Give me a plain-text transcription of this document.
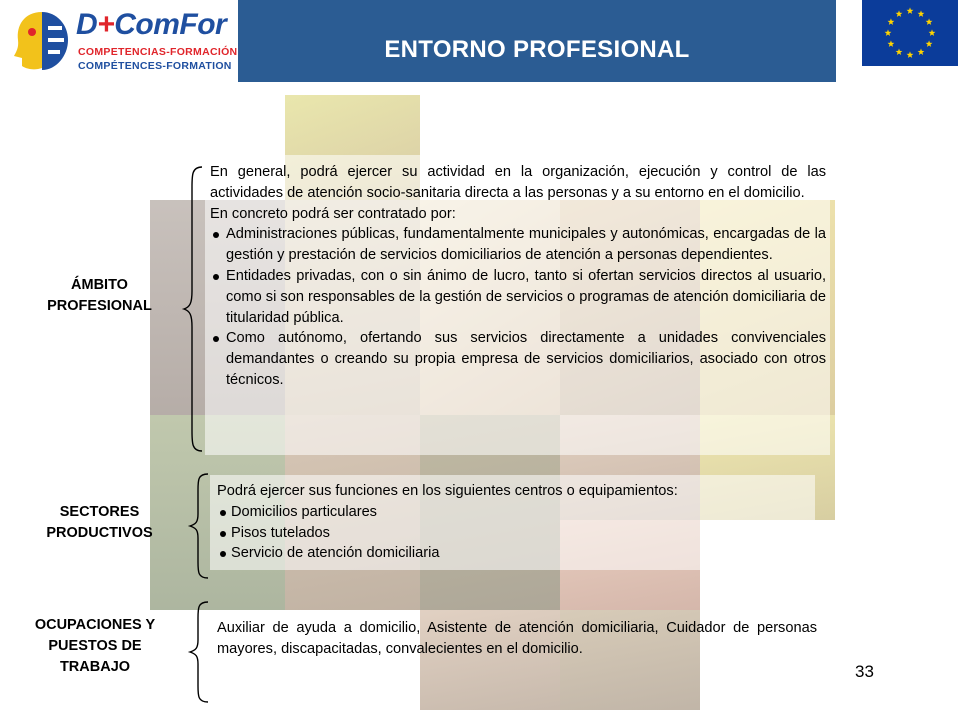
D+ComFor
COMPETENCIAS-FORMACIÓN
COMPÉTENCES-FORMATION
ENTORNO PROFESIONAL
ÁMBITO
PROFESIONAL

En general, podrá ejercer su actividad en la organización, ejecución y control de las actividades de atención socio-sanitaria directa a las personas y a su entorno en el domicilio.

En concreto podrá ser contratado por:

Administraciones públicas, fundamentalmente municipales y autonómicas, encargadas de la gestión y prestación de servicios domiciliarios de atención a personas dependientes.

Entidades privadas, con o sin ánimo de lucro, tanto si ofertan servicios directos al usuario, como si son responsables de la gestión de servicios o programas de atención domiciliaria de titularidad pública.

Como autónomo, ofertando sus servicios directamente a unidades convivenciales demandantes o creando su propia empresa de servicios domiciliarios, asociado con otros técnicos.

SECTORES
PRODUCTIVOS

Podrá ejercer sus funciones en los siguientes centros o equipamientos:

Domicilios particulares

Pisos tutelados

Servicio de atención domiciliaria

OCUPACIONES Y
PUESTOS DE
TRABAJO

Auxiliar de ayuda a domicilio, Asistente de atención domiciliaria, Cuidador de personas mayores, discapacitadas, convalecientes en el domicilio.

33
